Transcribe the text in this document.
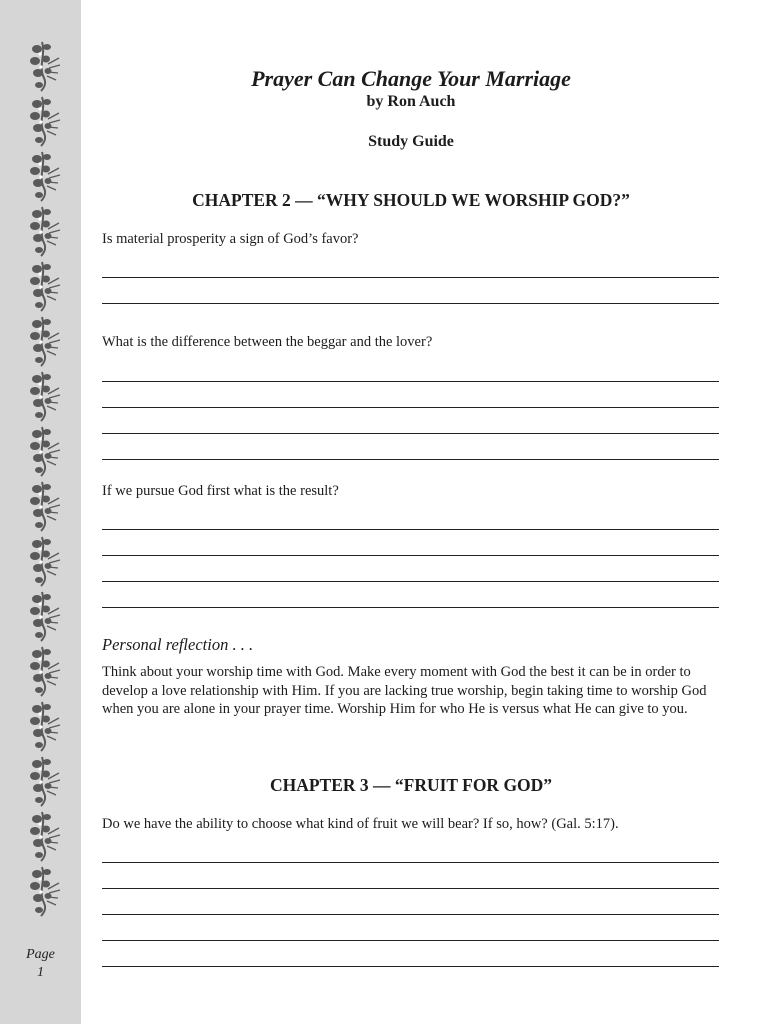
Page
1
Prayer Can Change Your Marriage
by Ron Auch
Study Guide
CHAPTER 2 — “WHY SHOULD WE WORSHIP GOD?”
Is material prosperity a sign of God’s favor?
What is the difference between the beggar and the lover?
If we pursue God first what is the result?
Personal reflection . . .
Think about your worship time with God. Make every moment with God the best it can be in order to develop a love relationship with Him. If you are lacking true worship, begin taking time to worship God when you are alone in your prayer time. Worship Him for who He is versus what He can give to you.
CHAPTER 3 — “FRUIT FOR GOD”
Do we have the ability to choose what kind of fruit we will bear? If so, how? (Gal. 5:17).
